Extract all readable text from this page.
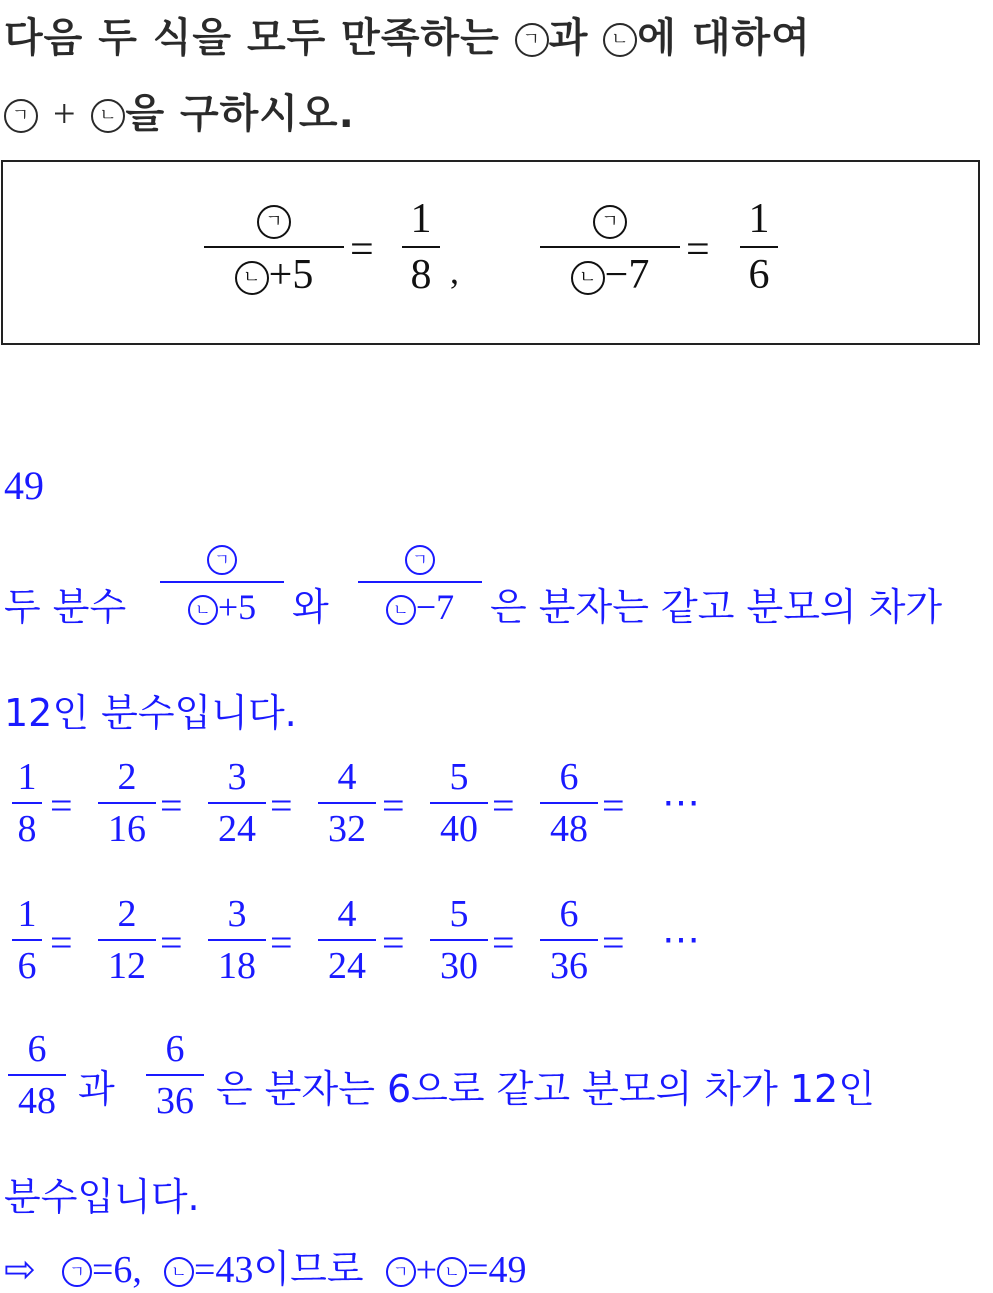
다음 두 식을 모두 만족하는 ㄱ 과 ㄴ 에 대하여
ㄱ + ㄴ 을 구하시오.
ㄱ
ㄴ +5
=
1
8 ,
ㄱ
ㄴ −7
=
1
6
49
두 분수
ㄱ
ㄴ +5 와
ㄱ
ㄴ −7 은 분자는 같고 분모의 차가
12인 분수입니다.
1
8
=
2
16
=
3
24
=
4
32
=
5
40
=
6
48
= ⋯
1
6
=
2
12
=
3
18
=
4
24
=
5
30
=
6
36
= ⋯
6
48 과
6
36 은 분자는 6으로 같고 분모의 차가 12인
분수입니다.
⇨ ㄱ =6, ㄴ =43이므로 ㄱ + ㄴ =49
